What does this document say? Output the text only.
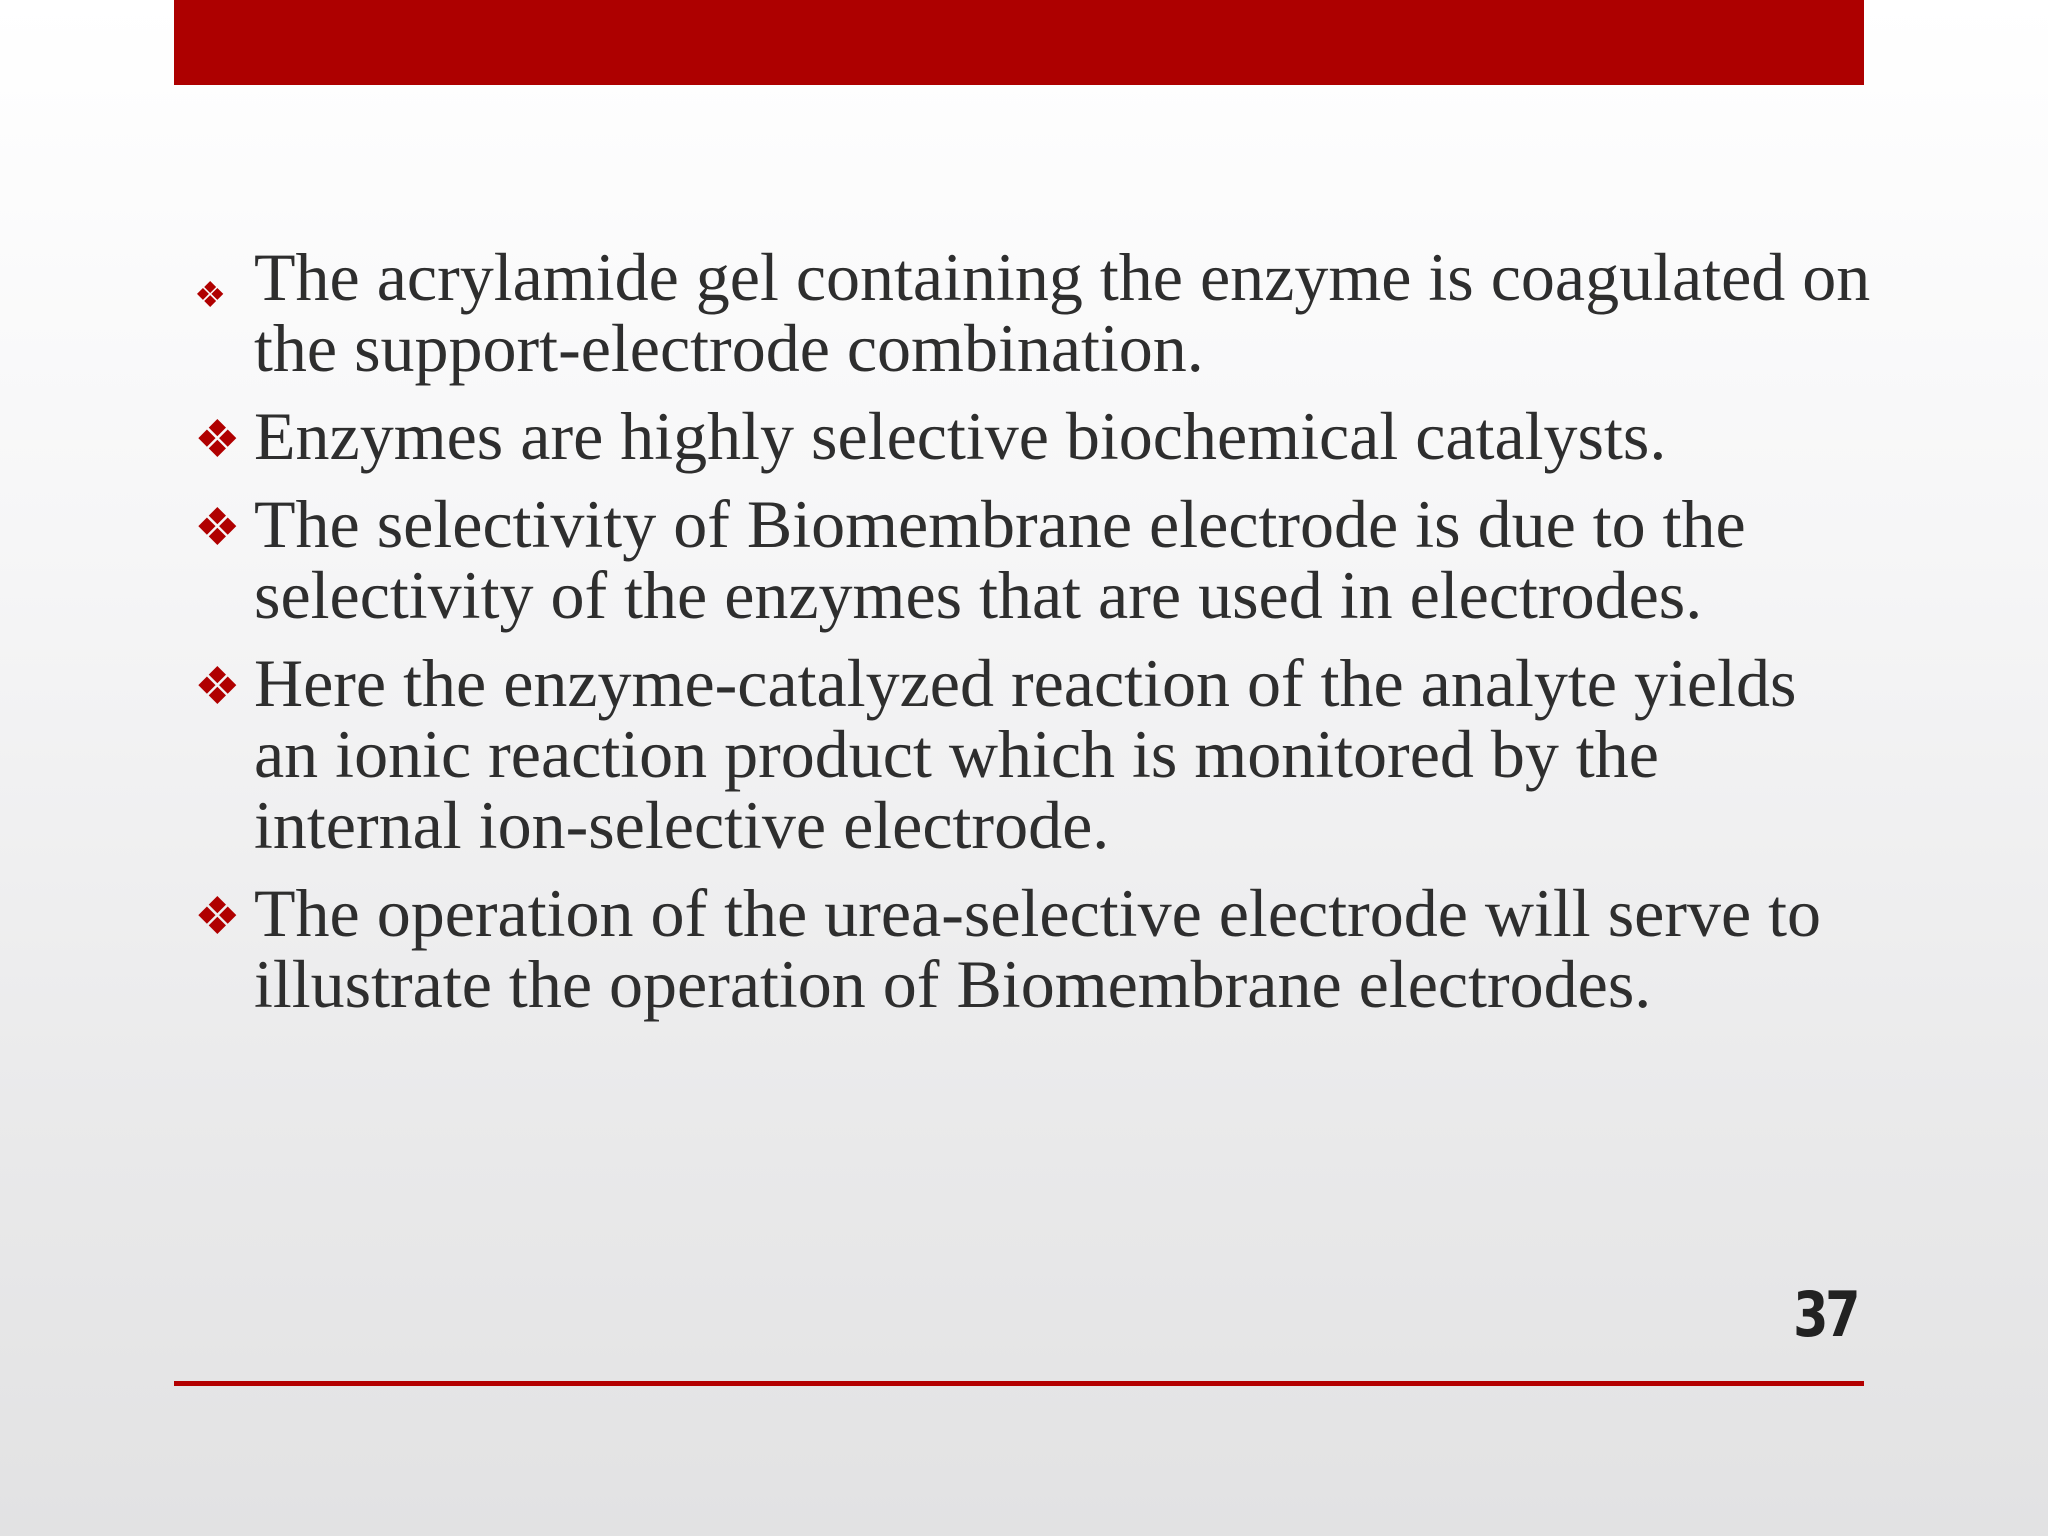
❖ The acrylamide gel containing the enzyme is coagulated on the support-electrode combination.
❖ Enzymes are highly selective biochemical catalysts.
❖ The selectivity of Biomembrane electrode is due to the selectivity of the enzymes that are used in electrodes.
❖ Here the enzyme-catalyzed reaction of the analyte yields an ionic reaction product which is monitored by the internal ion-selective electrode.
❖ The operation of the urea-selective electrode will serve to illustrate the operation of Biomembrane electrodes.
37
